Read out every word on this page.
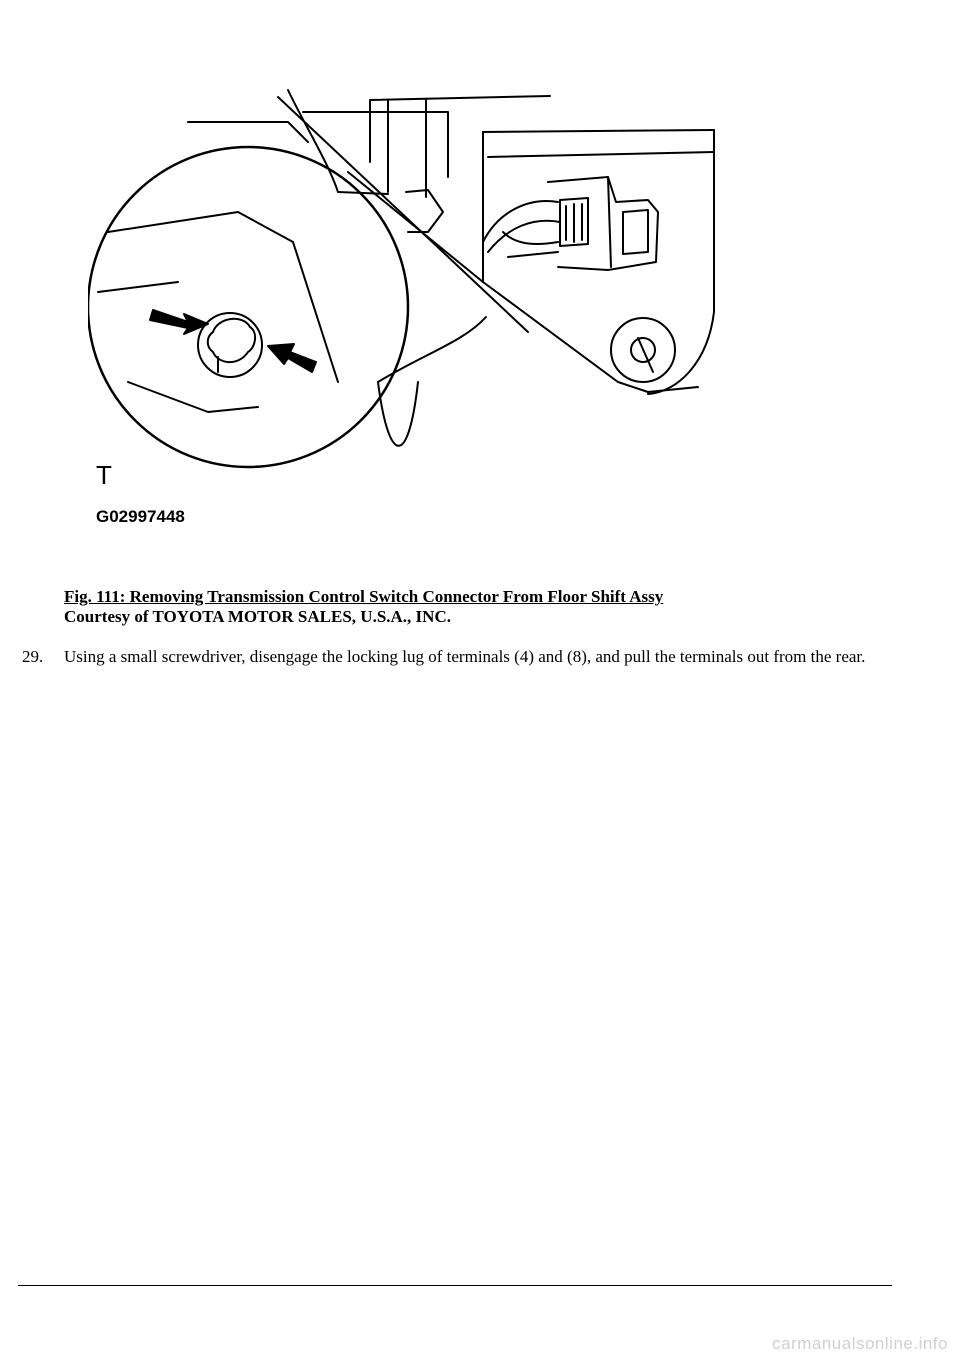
T
G02997448
Fig. 111: Removing Transmission Control Switch Connector From Floor Shift Assy
Courtesy of TOYOTA MOTOR SALES, U.S.A., INC.
29. Using a small screwdriver, disengage the locking lug of terminals (4) and (8), and pull the terminals out from the rear.
carmanualsonline.info
